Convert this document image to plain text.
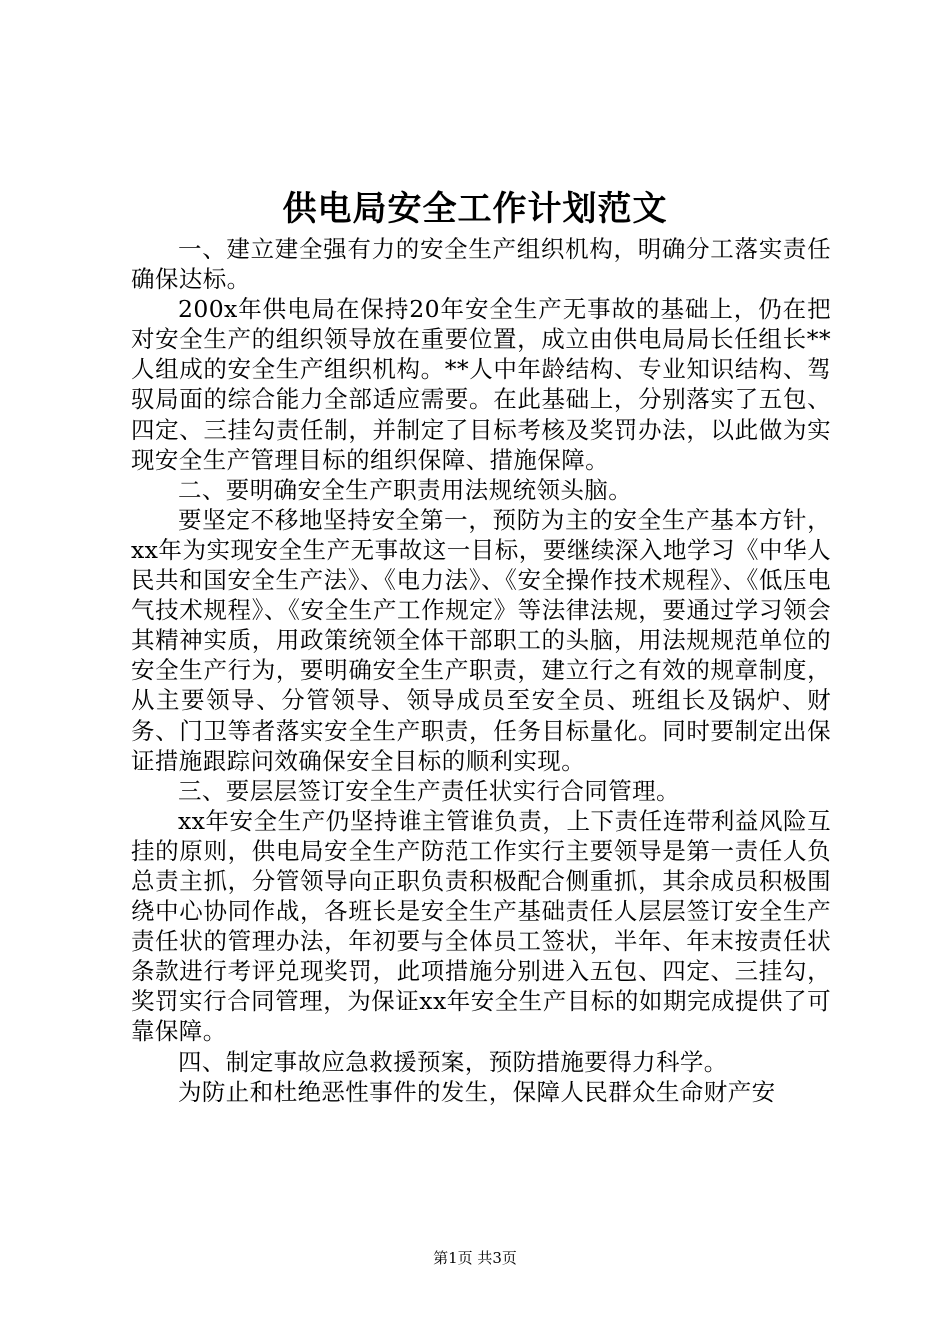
供电局安全工作计划范文

一、建立建全强有力的安全生产组织机构，明确分工落实责任确保达标。

200x年供电局在保持20年安全生产无事故的基础上，仍在把对安全生产的组织领导放在重要位置，成立由供电局局长任组长**人组成的安全生产组织机构。**人中年龄结构、专业知识结构、驾驭局面的综合能力全部适应需要。在此基础上，分别落实了五包、四定、三挂勾责任制，并制定了目标考核及奖罚办法，以此做为实现安全生产管理目标的组织保障、措施保障。

二、要明确安全生产职责用法规统领头脑。

要坚定不移地坚持安全第一，预防为主的安全生产基本方针，xx年为实现安全生产无事故这一目标，要继续深入地学习《中华人民共和国安全生产法》、《电力法》、《安全操作技术规程》、《低压电气技术规程》、《安全生产工作规定》等法律法规，要通过学习领会其精神实质，用政策统领全体干部职工的头脑，用法规规范单位的安全生产行为，要明确安全生产职责，建立行之有效的规章制度，从主要领导、分管领导、领导成员至安全员、班组长及锅炉、财务、门卫等者落实安全生产职责，任务目标量化。同时要制定出保证措施跟踪问效确保安全目标的顺利实现。

三、要层层签订安全生产责任状实行合同管理。

xx年安全生产仍坚持谁主管谁负责，上下责任连带利益风险互挂的原则，供电局安全生产防范工作实行主要领导是第一责任人负总责主抓，分管领导向正职负责积极配合侧重抓，其余成员积极围绕中心协同作战，各班长是安全生产基础责任人层层签订安全生产责任状的管理办法，年初要与全体员工签状，半年、年末按责任状条款进行考评兑现奖罚，此项措施分别进入五包、四定、三挂勾，奖罚实行合同管理，为保证xx年安全生产目标的如期完成提供了可靠保障。

四、制定事故应急救援预案，预防措施要得力科学。

为防止和杜绝恶性事件的发生，保障人民群众生命财产安

第1页 共3页
